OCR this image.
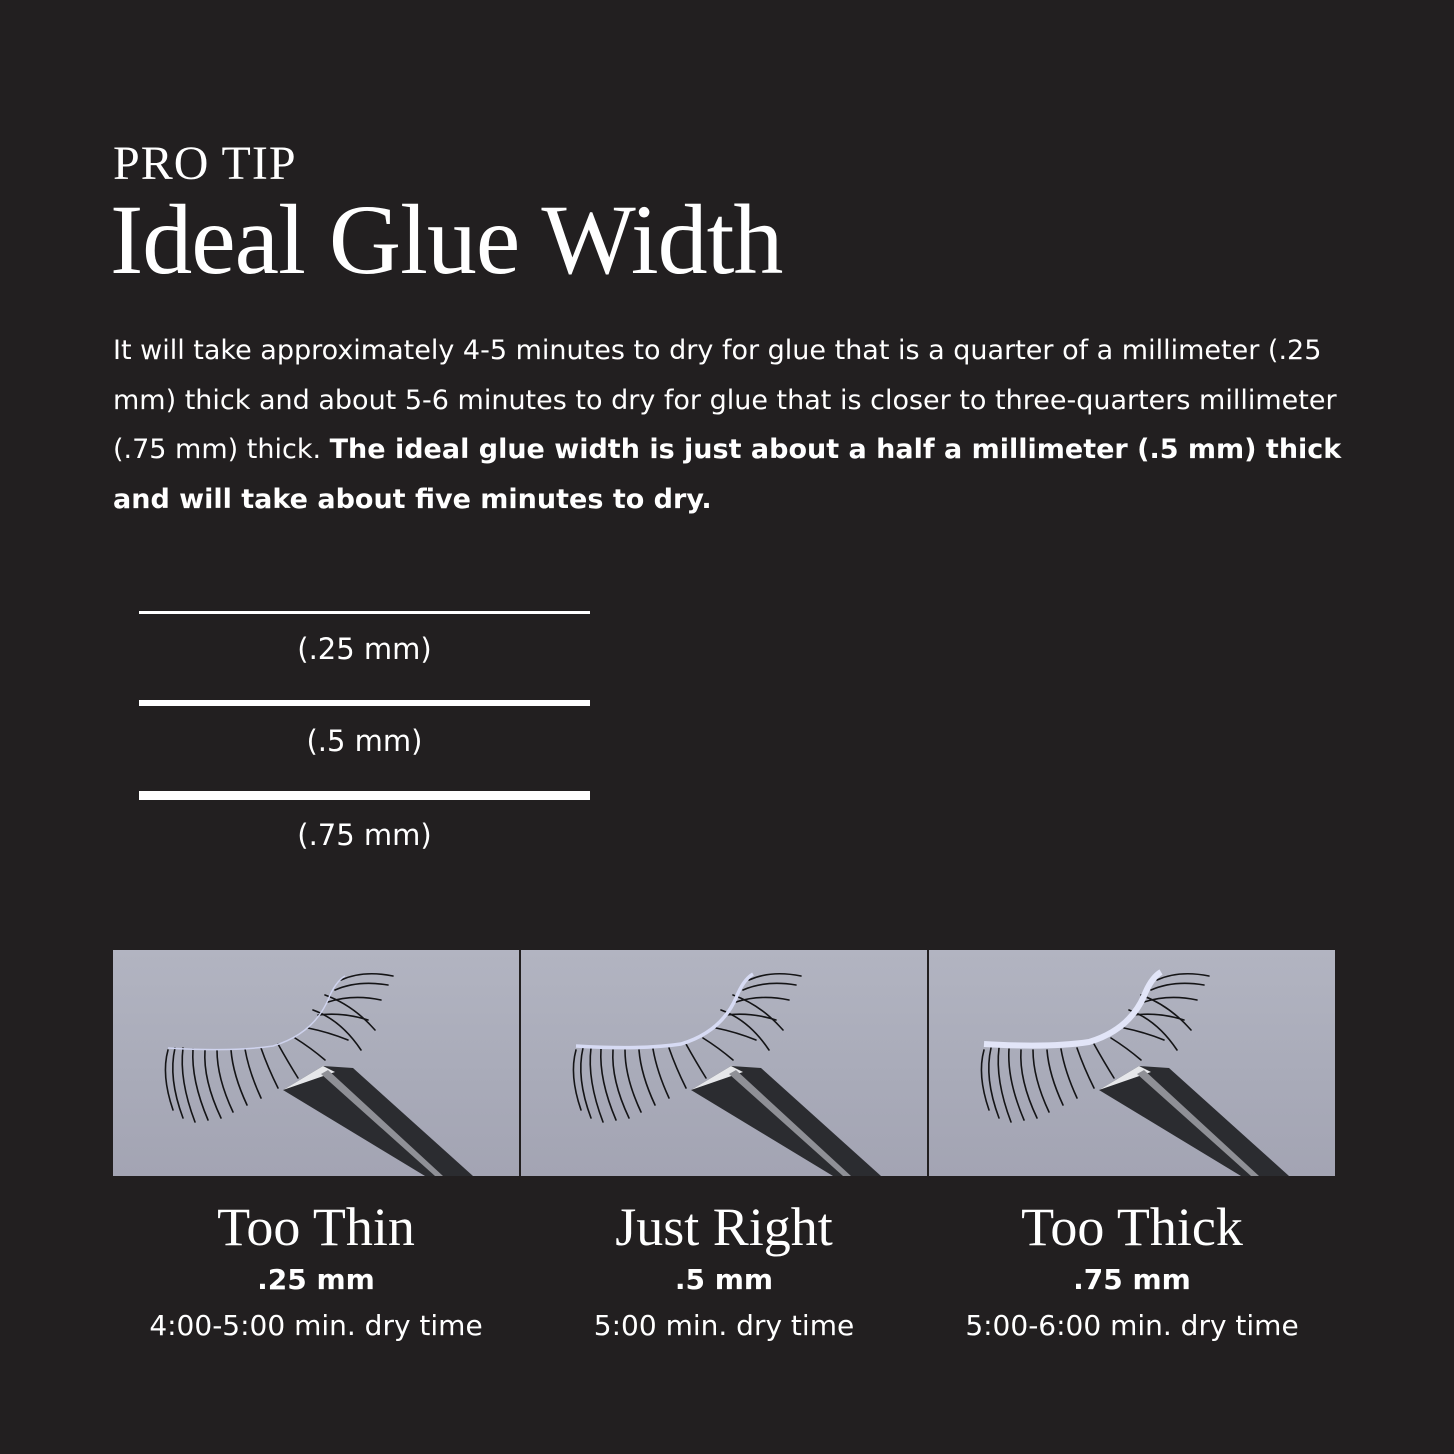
PRO TIP
Ideal Glue Width
It will take approximately 4-5 minutes to dry for glue that is a quarter of a millimeter (.25 mm) thick and about 5-6 minutes to dry for glue that is closer to three-quarters millimeter (.75 mm) thick. The ideal glue width is just about a half a millimeter (.5 mm) thick and will take about five minutes to dry.
(.25 mm)
(.5 mm)
(.75 mm)
Too Thin
.25 mm
4:00-5:00 min. dry time
Just Right
.5 mm
5:00 min. dry time
Too Thick
.75 mm
5:00-6:00 min. dry time
